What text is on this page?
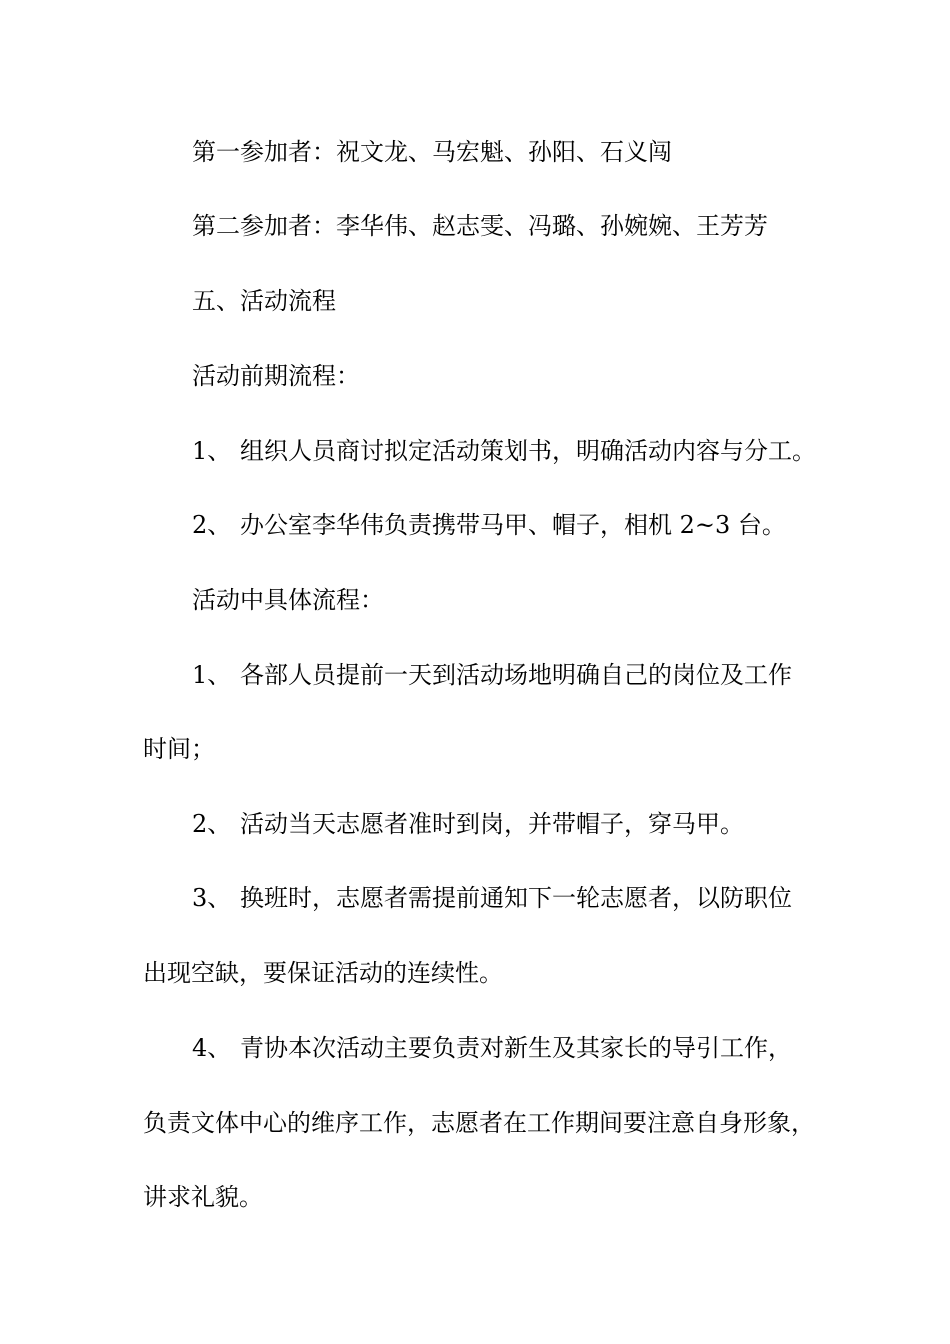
第一参加者：祝文龙、马宏魁、孙阳、石义闯
第二参加者：李华伟、赵志雯、冯璐、孙婉婉、王芳芳
五、活动流程
活动前期流程：
1、 组织人员商讨拟定活动策划书，明确活动内容与分工。
2、 办公室李华伟负责携带马甲、帽子，相机 2~3 台。
活动中具体流程：
1、 各部人员提前一天到活动场地明确自己的岗位及工作
时间；
2、 活动当天志愿者准时到岗，并带帽子，穿马甲。
3、 换班时，志愿者需提前通知下一轮志愿者，以防职位
出现空缺，要保证活动的连续性。
4、 青协本次活动主要负责对新生及其家长的导引工作，
负责文体中心的维序工作，志愿者在工作期间要注意自身形象，
讲求礼貌。
